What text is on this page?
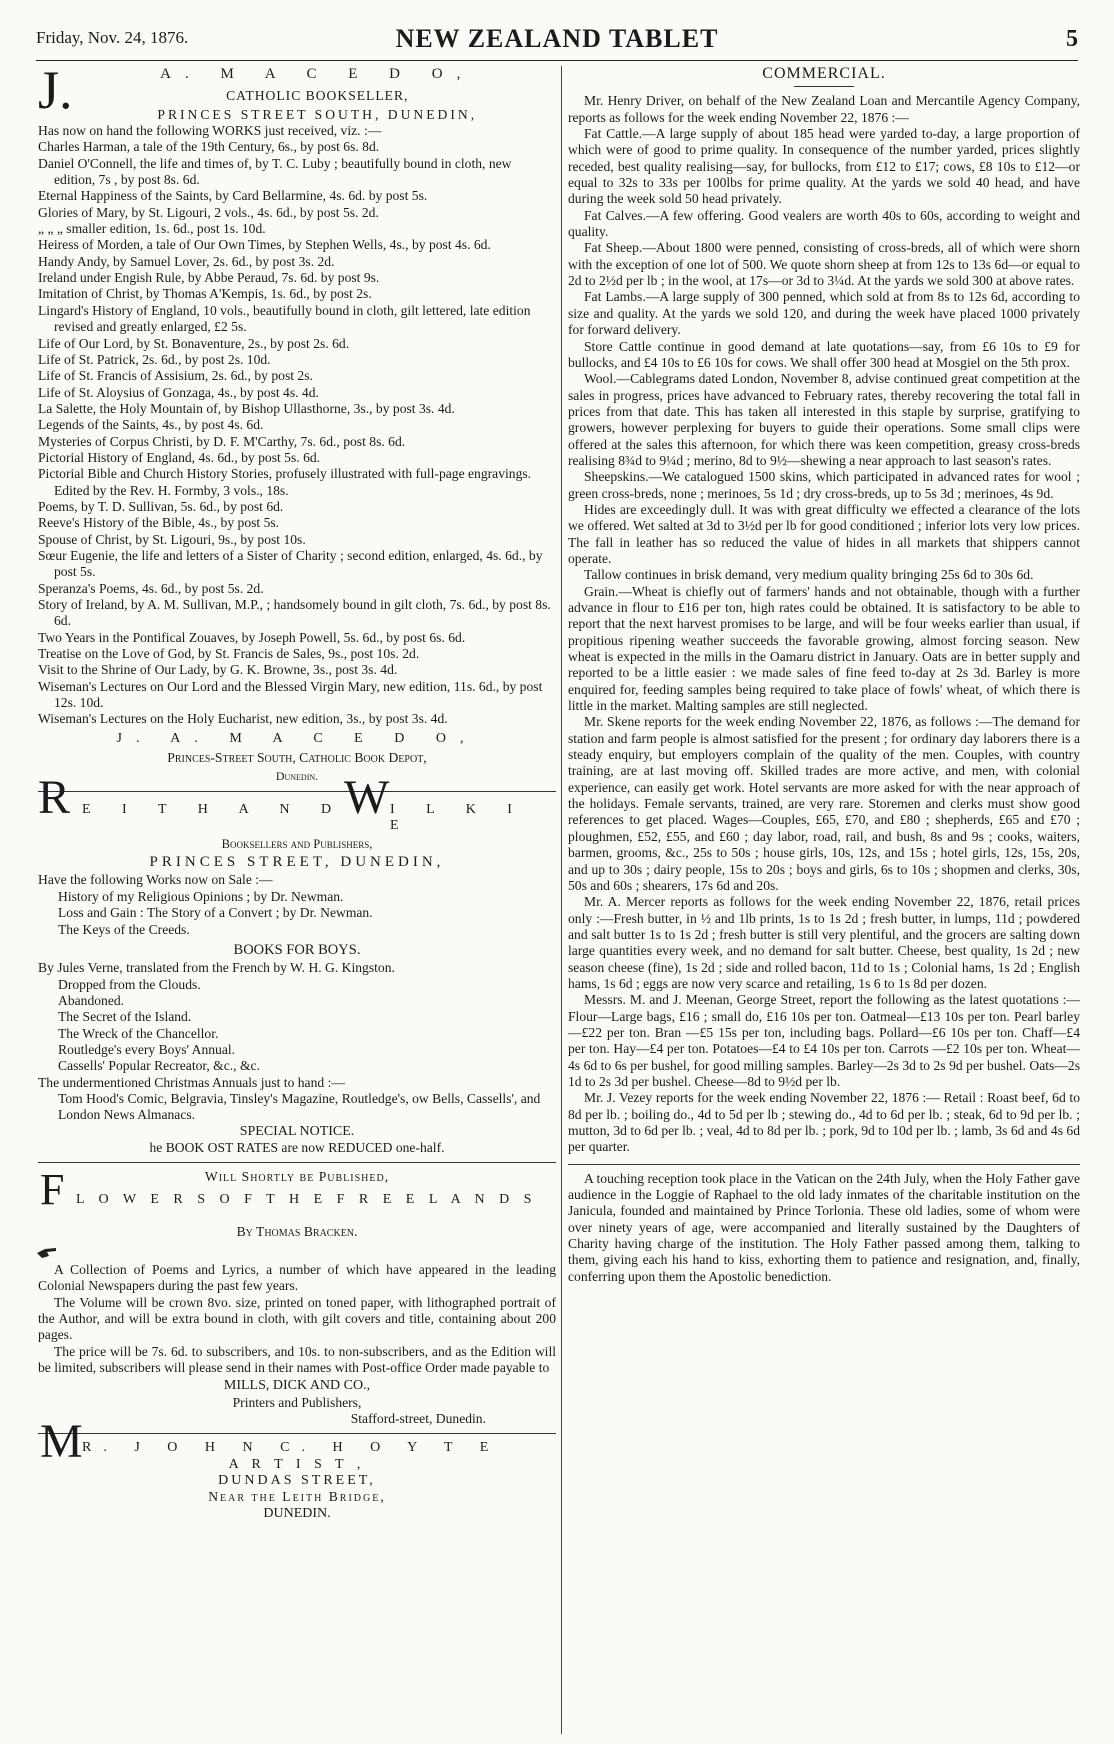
Friday, Nov. 24, 1876.	NEW ZEALAND TABLET	5
J.	A. M A C E D O,
CATHOLIC BOOKSELLER,
PRINCES STREET SOUTH, DUNEDIN,
Has now on hand the following WORKS just received, viz. :—
Charles Harman, a tale of the 19th Century, 6s., by post 6s. 8d.
Daniel O'Connell, the life and times of, by T. C. Luby ; beautifully bound in cloth, new edition, 7s , by post 8s. 6d.
Eternal Happiness of the Saints, by Card Bellarmine, 4s. 6d. by post 5s.
Glories of Mary, by St. Ligouri, 2 vols., 4s. 6d., by post 5s. 2d.
„ „ „ smaller edition, 1s. 6d., post 1s. 10d.
Heiress of Morden, a tale of Our Own Times, by Stephen Wells, 4s., by post 4s. 6d.
Handy Andy, by Samuel Lover, 2s. 6d., by post 3s. 2d.
Ireland under Engish Rule, by Abbe Peraud, 7s. 6d. by post 9s.
Imitation of Christ, by Thomas A'Kempis, 1s. 6d., by post 2s.
Lingard's History of England, 10 vols., beautifully bound in cloth, gilt lettered, late edition revised and greatly enlarged, £2 5s.
Life of Our Lord, by St. Bonaventure, 2s., by post 2s. 6d.
Life of St. Patrick, 2s. 6d., by post 2s. 10d.
Life of St. Francis of Assisium, 2s. 6d., by post 2s.
Life of St. Aloysius of Gonzaga, 4s., by post 4s. 4d.
La Salette, the Holy Mountain of, by Bishop Ullasthorne, 3s., by post 3s. 4d.
Legends of the Saints, 4s., by post 4s. 6d.
Mysteries of Corpus Christi, by D. F. M'Carthy, 7s. 6d., post 8s. 6d.
Pictorial History of England, 4s. 6d., by post 5s. 6d.
Pictorial Bible and Church History Stories, profusely illustrated with full-page engravings. Edited by the Rev. H. Formby, 3 vols., 18s.
Poems, by T. D. Sullivan, 5s. 6d., by post 6d.
Reeve's History of the Bible, 4s., by post 5s.
Spouse of Christ, by St. Ligouri, 9s., by post 10s.
Sœur Eugenie, the life and letters of a Sister of Charity ; second edition, enlarged, 4s. 6d., by post 5s.
Speranza's Poems, 4s. 6d., by post 5s. 2d.
Story of Ireland, by A. M. Sullivan, M.P., ; handsomely bound in gilt cloth, 7s. 6d., by post 8s. 6d.
Two Years in the Pontifical Zouaves, by Joseph Powell, 5s. 6d., by post 6s. 6d.
Treatise on the Love of God, by St. Francis de Sales, 9s., post 10s. 2d.
Visit to the Shrine of Our Lady, by G. K. Browne, 3s., post 3s. 4d.
Wiseman's Lectures on Our Lord and the Blessed Virgin Mary, new edition, 11s. 6d., by post 12s. 10d.
Wiseman's Lectures on the Holy Eucharist, new edition, 3s., by post 3s. 4d.
J. A. M A C E D O,
Princes-Street South, Catholic Book Depot,
Dunedin.
R E I T H A N D
W I L K I E
Booksellers and Publishers,
PRINCES STREET, DUNEDIN,
Have the following Works now on Sale :—
History of my Religious Opinions ; by Dr. Newman.
Loss and Gain : The Story of a Convert ; by Dr. Newman.
The Keys of the Creeds.
BOOKS FOR BOYS.
By Jules Verne, translated from the French by W. H. G. Kingston.
Dropped from the Clouds.
Abandoned.
The Secret of the Island.
The Wreck of the Chancellor.
Routledge's every Boys' Annual.
Cassells' Popular Recreator, &c., &c.
The undermentioned Christmas Annuals just to hand :—
Tom Hood's Comic, Belgravia, Tinsley's Magazine, Routledge's, ow Bells, Cassells', and London News Almanacs.
SPECIAL NOTICE.
he BOOK OST RATES are now REDUCED one-half.
Will Shortly be Published,
F L O W E R S O F T H E F R E E L A N D S
By Thomas Bracken.
A Collection of Poems and Lyrics, a number of which have appeared in the leading Colonial Newspapers during the past few years.
The Volume will be crown 8vo. size, printed on toned paper, with lithographed portrait of the Author, and will be extra bound in cloth, with gilt covers and title, containing about 200 pages.
The price will be 7s. 6d. to subscribers, and 10s. to non-subscribers, and as the Edition will be limited, subscribers will please send in their names with Post-office Order made payable to
MILLS, DICK AND CO.,
Printers and Publishers,
Stafford-street, Dunedin.
M R. J O H N C. H O Y T E
A R T I S T ,
DUNDAS STREET,
Near the Leith Bridge,
DUNEDIN.
COMMERCIAL.
Mr. Henry Driver, on behalf of the New Zealand Loan and Mercantile Agency Company, reports as follows for the week ending November 22, 1876 :—
Fat Cattle.—A large supply of about 185 head were yarded to-day, a large proportion of which were of good to prime quality. In consequence of the number yarded, prices slightly receded, best quality realising—say, for bullocks, from £12 to £17; cows, £8 10s to £12—or equal to 32s to 33s per 100lbs for prime quality. At the yards we sold 40 head, and have during the week sold 50 head privately.
Fat Calves.—A few offering. Good vealers are worth 40s to 60s, according to weight and quality.
Fat Sheep.—About 1800 were penned, consisting of cross-breds, all of which were shorn with the exception of one lot of 500. We quote shorn sheep at from 12s to 13s 6d—or equal to 2d to 2½d per lb ; in the wool, at 17s—or 3d to 3¼d. At the yards we sold 300 at above rates.
Fat Lambs.—A large supply of 300 penned, which sold at from 8s to 12s 6d, according to size and quality. At the yards we sold 120, and during the week have placed 1000 privately for forward delivery.
Store Cattle continue in good demand at late quotations—say, from £6 10s to £9 for bullocks, and £4 10s to £6 10s for cows. We shall offer 300 head at Mosgiel on the 5th prox.
Wool.—Cablegrams dated London, November 8, advise continued great competition at the sales in progress, prices have advanced to February rates, thereby recovering the total fall in prices from that date. This has taken all interested in this staple by surprise, gratifying to growers, however perplexing for buyers to guide their operations. Some small clips were offered at the sales this afternoon, for which there was keen competition, greasy cross-breds realising 8¾d to 9¼d ; merino, 8d to 9½—shewing a near approach to last season's rates.
Sheepskins.—We catalogued 1500 skins, which participated in advanced rates for wool ; green cross-breds, none ; merinoes, 5s 1d ; dry cross-breds, up to 5s 3d ; merinoes, 4s 9d.
Hides are exceedingly dull. It was with great difficulty we effected a clearance of the lots we offered. Wet salted at 3d to 3½d per lb for good conditioned ; inferior lots very low prices. The fall in leather has so reduced the value of hides in all markets that shippers cannot operate.
Tallow continues in brisk demand, very medium quality bringing 25s 6d to 30s 6d.
Grain.—Wheat is chiefly out of farmers' hands and not obtainable, though with a further advance in flour to £16 per ton, high rates could be obtained. It is satisfactory to be able to report that the next harvest promises to be large, and will be four weeks earlier than usual, if propitious ripening weather succeeds the favorable growing, almost forcing season. New wheat is expected in the mills in the Oamaru district in January. Oats are in better supply and reported to be a little easier : we made sales of fine feed to-day at 2s 3d. Barley is more enquired for, feeding samples being required to take place of fowls' wheat, of which there is little in the market. Malting samples are still neglected.
Mr. Skene reports for the week ending November 22, 1876, as follows :—The demand for station and farm people is almost satisfied for the present ; for ordinary day laborers there is a steady enquiry, but employers complain of the quality of the men. Couples, with country training, are at last moving off. Skilled trades are more active, and men, with colonial experience, can easily get work. Hotel servants are more asked for with the near approach of the holidays. Female servants, trained, are very rare. Storemen and clerks must show good references to get placed. Wages—Couples, £65, £70, and £80 ; shepherds, £65 and £70 ; ploughmen, £52, £55, and £60 ; day labor, road, rail, and bush, 8s and 9s ; cooks, waiters, barmen, grooms, &c., 25s to 50s ; house girls, 10s, 12s, and 15s ; hotel girls, 12s, 15s, 20s, and up to 30s ; dairy people, 15s to 20s ; boys and girls, 6s to 10s ; shopmen and clerks, 30s, 50s and 60s ; shearers, 17s 6d and 20s.
Mr. A. Mercer reports as follows for the week ending November 22, 1876, retail prices only :—Fresh butter, in ½ and 1lb prints, 1s to 1s 2d ; fresh butter, in lumps, 11d ; powdered and salt butter 1s to 1s 2d ; fresh butter is still very plentiful, and the grocers are salting down large quantities every week, and no demand for salt butter. Cheese, best quality, 1s 2d ; new season cheese (fine), 1s 2d ; side and rolled bacon, 11d to 1s ; Colonial hams, 1s 2d ; English hams, 1s 6d ; eggs are now very scarce and retailing, 1s 6 to 1s 8d per dozen.
Messrs. M. and J. Meenan, George Street, report the following as the latest quotations :—Flour—Large bags, £16 ; small do, £16 10s per ton. Oatmeal—£13 10s per ton. Pearl barley—£22 per ton. Bran —£5 15s per ton, including bags. Pollard—£6 10s per ton. Chaff—£4 per ton. Hay—£4 per ton. Potatoes—£4 to £4 10s per ton. Carrots —£2 10s per ton. Wheat—4s 6d to 6s per bushel, for good milling samples. Barley—2s 3d to 2s 9d per bushel. Oats—2s 1d to 2s 3d per bushel. Cheese—8d to 9½d per lb.
Mr. J. Vezey reports for the week ending November 22, 1876 :— Retail : Roast beef, 6d to 8d per lb. ; boiling do., 4d to 5d per lb ; stewing do., 4d to 6d per lb. ; steak, 6d to 9d per lb. ; mutton, 3d to 6d per lb. ; veal, 4d to 8d per lb. ; pork, 9d to 10d per lb. ; lamb, 3s 6d and 4s 6d per quarter.
A touching reception took place in the Vatican on the 24th July, when the Holy Father gave audience in the Loggie of Raphael to the old lady inmates of the charitable institution on the Janicula, founded and maintained by Prince Torlonia. These old ladies, some of whom were over ninety years of age, were accompanied and literally sustained by the Daughters of Charity having charge of the institution. The Holy Father passed among them, talking to them, giving each his hand to kiss, exhorting them to patience and resignation, and, finally, conferring upon them the Apostolic benediction.
